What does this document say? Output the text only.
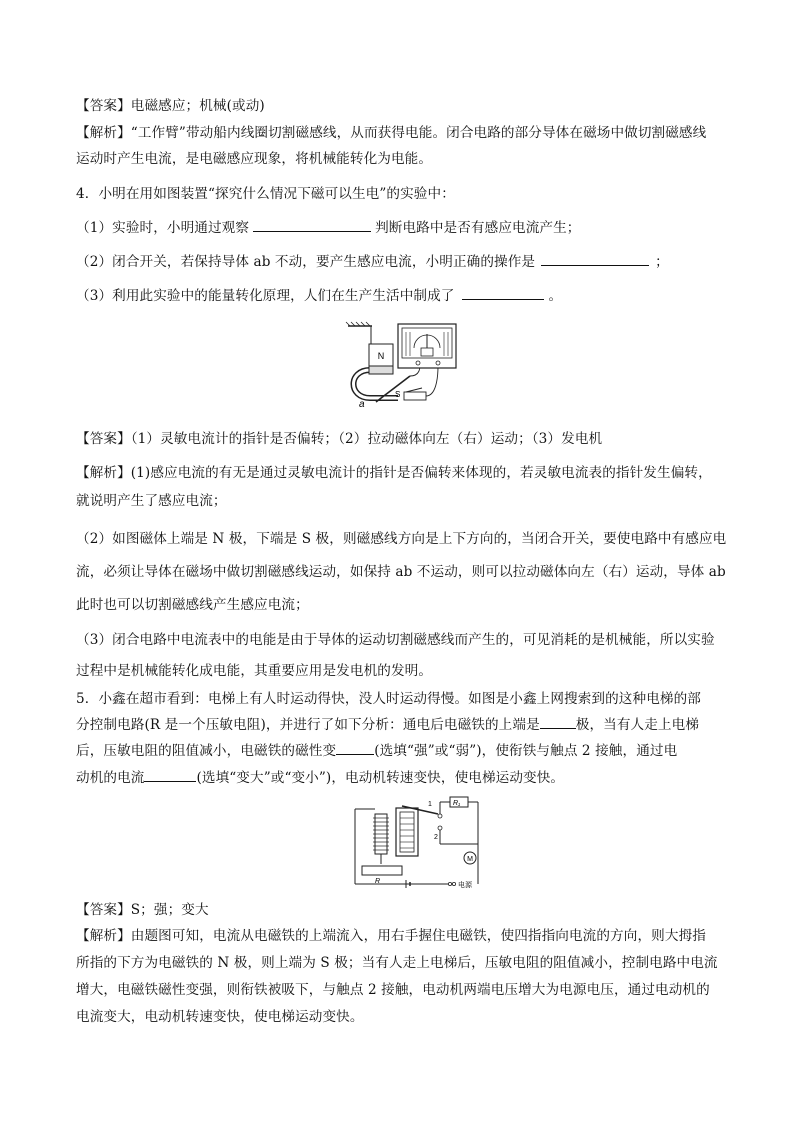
【答案】电磁感应；机械(或动)
【解析】“工作臂”带动船内线圈切割磁感线，从而获得电能。闭合电路的部分导体在磁场中做切割磁感线
运动时产生电流，是电磁感应现象，将机械能转化为电能。
4．小明在用如图装置“探究什么情况下磁可以生电”的实验中：
（1）实验时，小明通过观察	判断电路中是否有感应电流产生；
（2）闭合开关，若保持导体 ab 不动，要产生感应电流，小明正确的操作是	；
（3）利用此实验中的能量转化原理，人们在生产生活中制成了	。
N
S
a
【答案】（1）灵敏电流计的指针是否偏转；（2）拉动磁体向左（右）运动；（3）发电机
【解析】(1)感应电流的有无是通过灵敏电流计的指针是否偏转来体现的，若灵敏电流表的指针发生偏转，
就说明产生了感应电流；
（2）如图磁体上端是 N 极，下端是 S 极，则磁感线方向是上下方向的，当闭合开关，要使电路中有感应电
流，必须让导体在磁场中做切割磁感线运动，如保持 ab 不运动，则可以拉动磁体向左（右）运动，导体 ab
此时也可以切割磁感线产生感应电流；
（3）闭合电路中电流表中的电能是由于导体的运动切割磁感线而产生的，可见消耗的是机械能，所以实验
过程中是机械能转化成电能，其重要应用是发电机的发明。
5．小鑫在超市看到：电梯上有人时运动得快，没人时运动得慢。如图是小鑫上网搜索到的这种电梯的部
分控制电路(R 是一个压敏电阻)，并进行了如下分析：通电后电磁铁的上端是	极，当有人走上电梯
后，压敏电阻的阻值减小，电磁铁的磁性变	(选填“强”或“弱”)，使衔铁与触点 2 接触，通过电
动机的电流	(选填“变大”或“变小”)，电动机转速变快，使电梯运动变快。
1
2
R₁
M
R
电源
【答案】S；强；变大
【解析】由题图可知，电流从电磁铁的上端流入，用右手握住电磁铁，使四指指向电流的方向，则大拇指
所指的下方为电磁铁的 N 极，则上端为 S 极；当有人走上电梯后，压敏电阻的阻值减小，控制电路中电流
增大，电磁铁磁性变强，则衔铁被吸下，与触点 2 接触，电动机两端电压增大为电源电压，通过电动机的
电流变大，电动机转速变快，使电梯运动变快。
